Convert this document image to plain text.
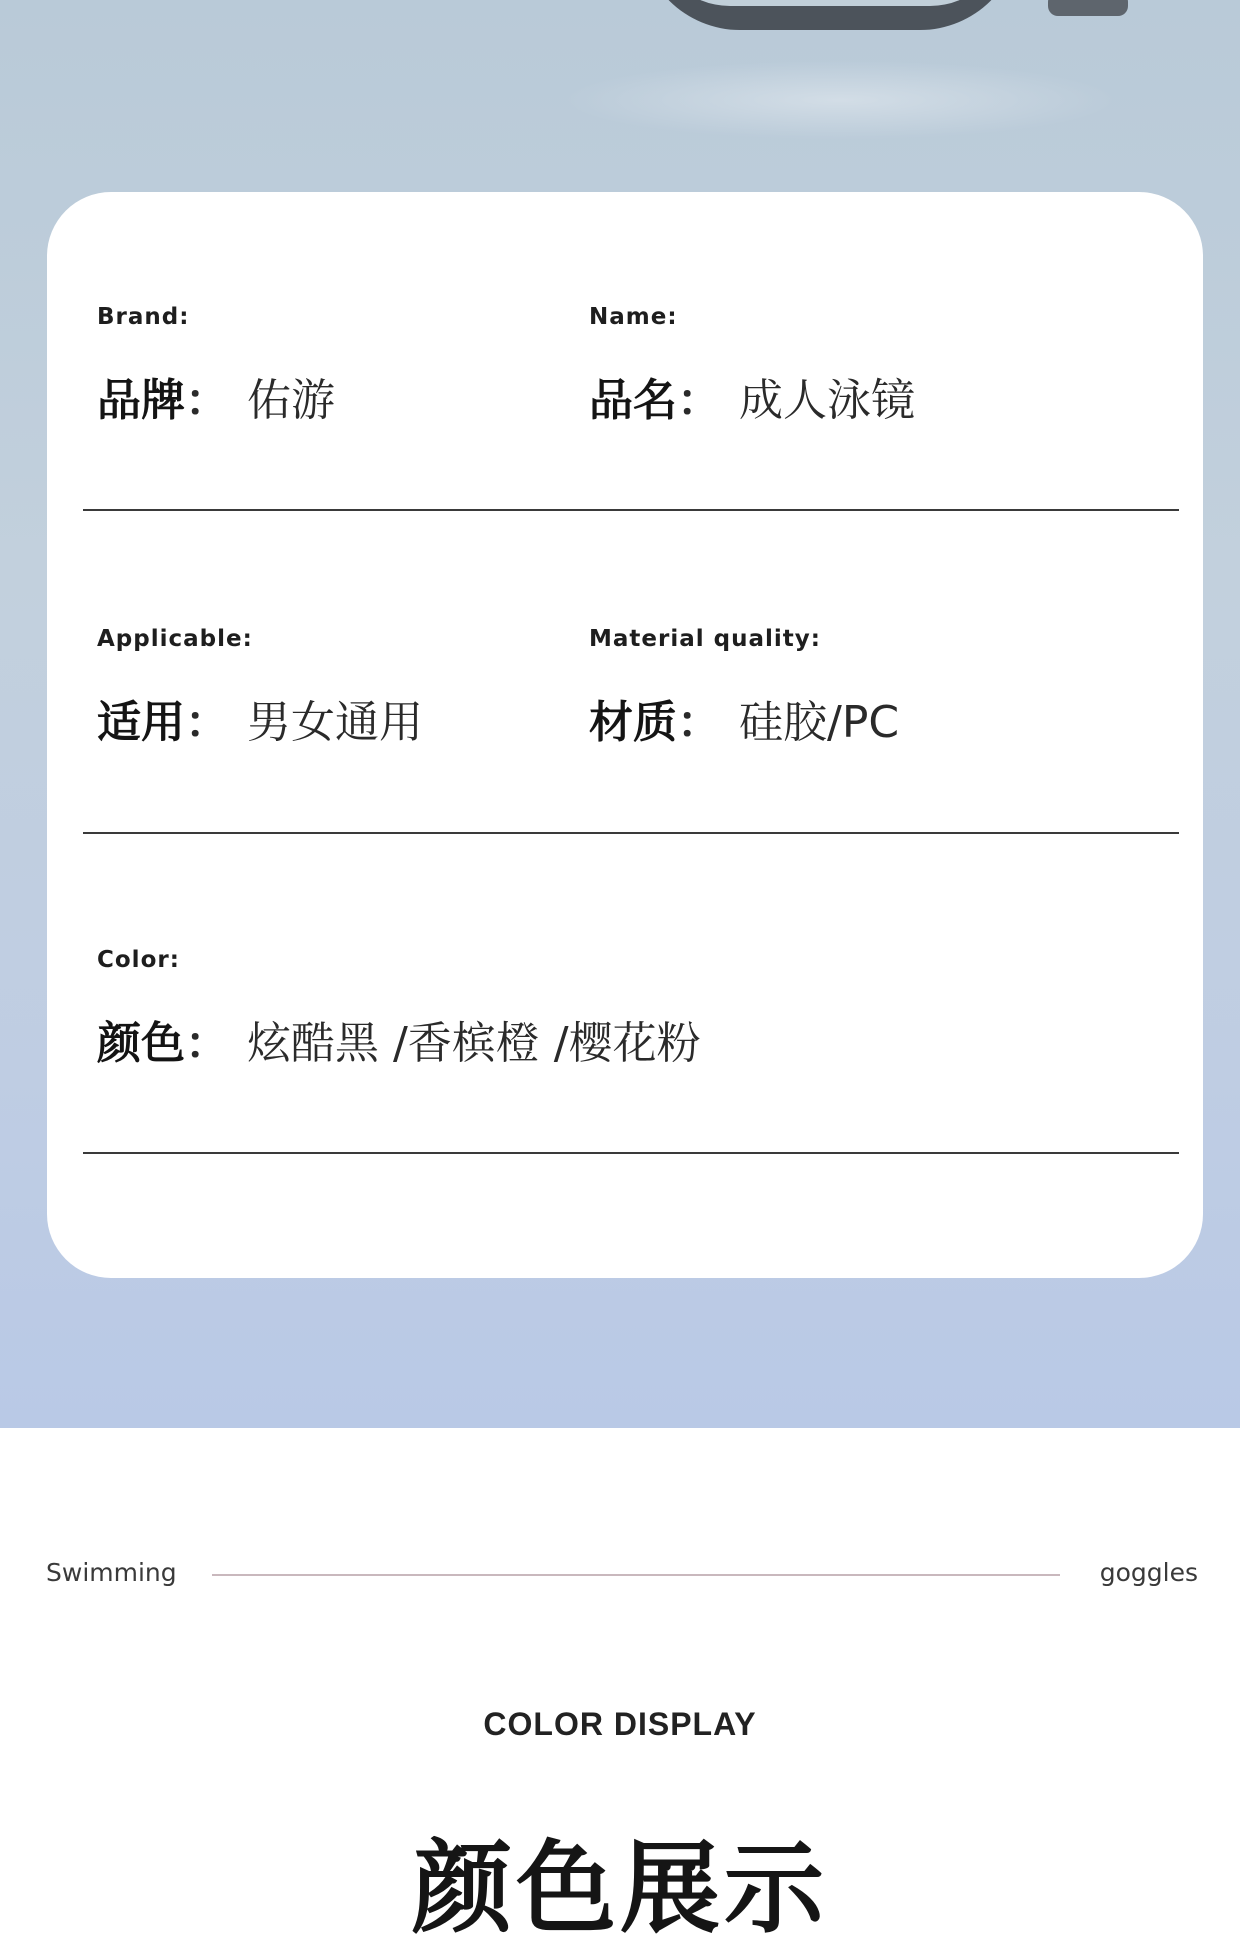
Brand:
品牌： 佑游
Name:
品名： 成人泳镜
Applicable:
适用： 男女通用
Material quality:
材质： 硅胶/PC
Color:
颜色： 炫酷黑 /香槟橙 /樱花粉
Swimming	goggles
COLOR DISPLAY
颜色展示
